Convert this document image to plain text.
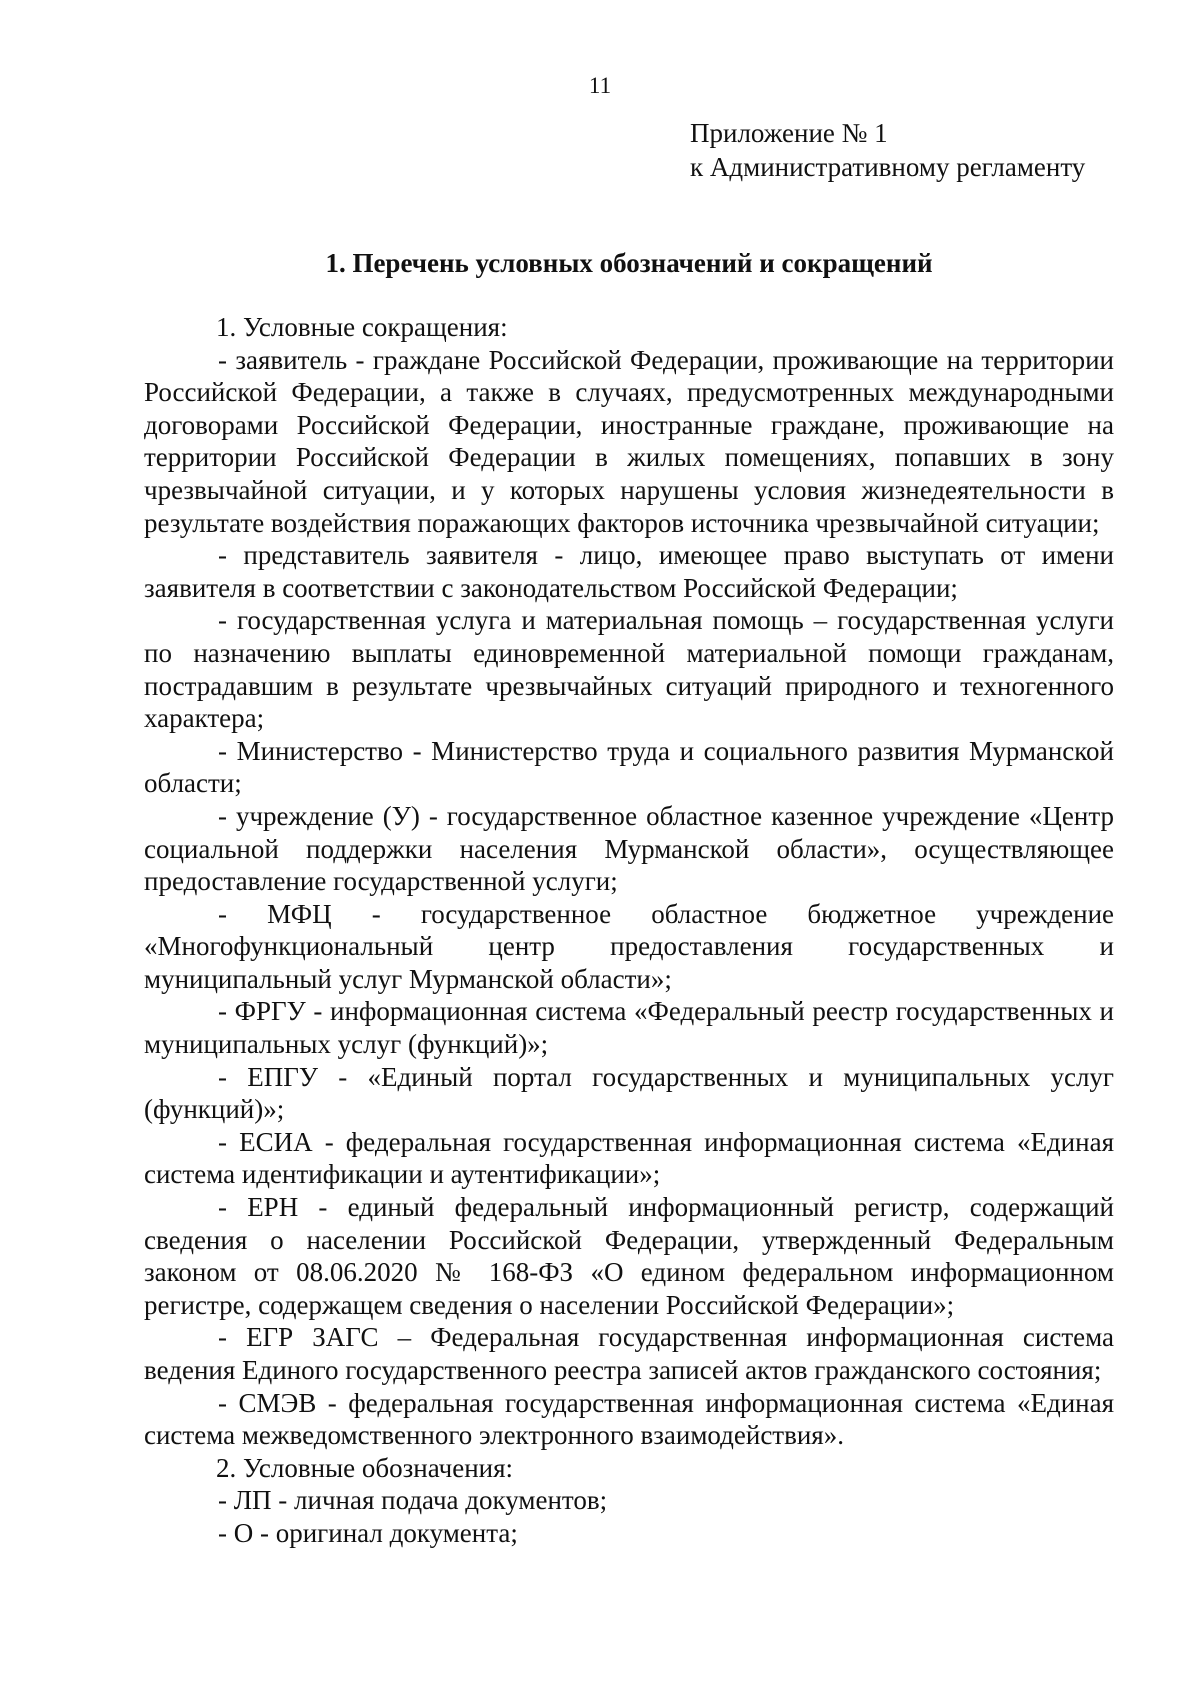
11
Приложение № 1
к Административному регламенту
1. Перечень условных обозначений и сокращений

1. Условные сокращения:

- заявитель - граждане Российской Федерации, проживающие на территории Российской Федерации, а также в случаях, предусмотренных международными договорами Российской Федерации, иностранные граждане, проживающие на территории Российской Федерации в жилых помещениях, попавших в зону чрезвычайной ситуации, и у которых нарушены условия жизнедеятельности в результате воздействия поражающих факторов источника чрезвычайной ситуации;

- представитель заявителя - лицо, имеющее право выступать от имени заявителя в соответствии с законодательством Российской Федерации;

- государственная услуга и материальная помощь – государственная услуги по назначению выплаты единовременной материальной помощи гражданам, пострадавшим в результате чрезвычайных ситуаций природного и техногенного характера;

- Министерство - Министерство труда и социального развития Мурманской области;

- учреждение (У) - государственное областное казенное учреждение «Центр социальной поддержки населения Мурманской области», осуществляющее предоставление государственной услуги;

- МФЦ - государственное областное бюджетное учреждение «Многофункциональный центр предоставления государственных и муниципальный услуг Мурманской области»;

- ФРГУ - информационная система «Федеральный реестр государственных и муниципальных услуг (функций)»;

- ЕПГУ - «Единый портал государственных и муниципальных услуг (функций)»;

- ЕСИА - федеральная государственная информационная система «Единая система идентификации и аутентификации»;

- ЕРН - единый федеральный информационный регистр, содержащий сведения о населении Российской Федерации, утвержденный Федеральным законом от 08.06.2020 № 168-ФЗ «О едином федеральном информационном регистре, содержащем сведения о населении Российской Федерации»;

- ЕГР ЗАГС – Федеральная государственная информационная система ведения Единого государственного реестра записей актов гражданского состояния;

- СМЭВ - федеральная государственная информационная система «Единая система межведомственного электронного взаимодействия».

2. Условные обозначения:

- ЛП - личная подача документов;

- О - оригинал документа;
